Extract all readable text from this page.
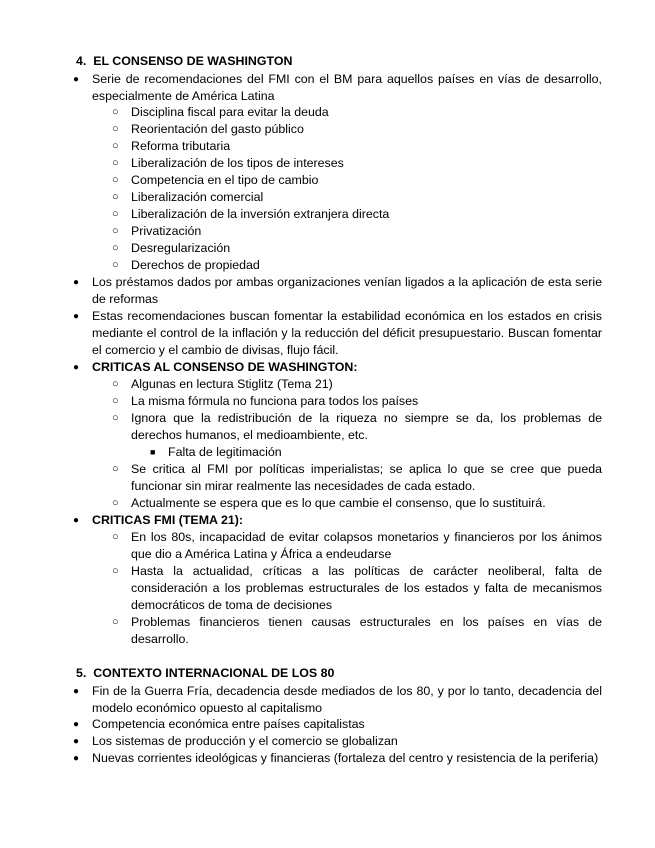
4. EL CONSENSO DE WASHINGTON
● Serie de recomendaciones del FMI con el BM para aquellos países en vías de desarrollo, especialmente de América Latina
○ Disciplina fiscal para evitar la deuda
○ Reorientación del gasto público
○ Reforma tributaria
○ Liberalización de los tipos de intereses
○ Competencia en el tipo de cambio
○ Liberalización comercial
○ Liberalización de la inversión extranjera directa
○ Privatización
○ Desregularización
○ Derechos de propiedad
● Los préstamos dados por ambas organizaciones venían ligados a la aplicación de esta serie de reformas
● Estas recomendaciones buscan fomentar la estabilidad económica en los estados en crisis mediante el control de la inflación y la reducción del déficit presupuestario. Buscan fomentar el comercio y el cambio de divisas, flujo fácil.
● CRITICAS AL CONSENSO DE WASHINGTON:
○ Algunas en lectura Stiglitz (Tema 21)
○ La misma fórmula no funciona para todos los países
○ Ignora que la redistribución de la riqueza no siempre se da, los problemas de derechos humanos, el medioambiente, etc.
■ Falta de legitimación
○ Se critica al FMI por políticas imperialistas; se aplica lo que se cree que pueda funcionar sin mirar realmente las necesidades de cada estado.
○ Actualmente se espera que es lo que cambie el consenso, que lo sustituirá.
● CRITICAS FMI (TEMA 21):
○ En los 80s, incapacidad de evitar colapsos monetarios y financieros por los ánimos que dio a América Latina y África a endeudarse
○ Hasta la actualidad, críticas a las políticas de carácter neoliberal, falta de consideración a los problemas estructurales de los estados y falta de mecanismos democráticos de toma de decisiones
○ Problemas financieros tienen causas estructurales en los países en vías de desarrollo.
5. CONTEXTO INTERNACIONAL DE LOS 80
● Fin de la Guerra Fría, decadencia desde mediados de los 80, y por lo tanto, decadencia del modelo económico opuesto al capitalismo
● Competencia económica entre países capitalistas
● Los sistemas de producción y el comercio se globalizan
● Nuevas corrientes ideológicas y financieras (fortaleza del centro y resistencia de la periferia)
